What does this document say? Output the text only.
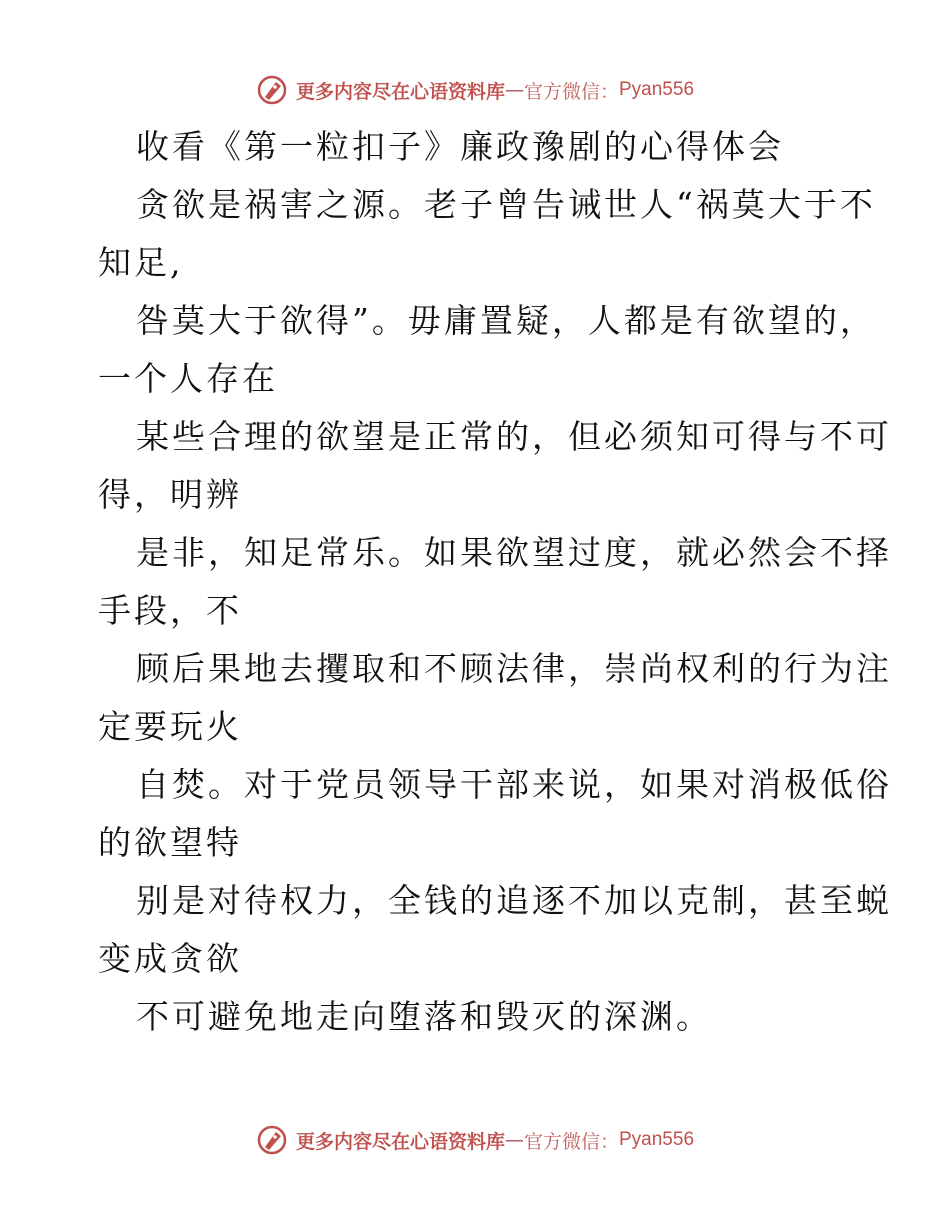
更多内容尽在心语资料库 — 官方微信： Pyan556
收看《第一粒扣子》廉政豫剧的心得体会
贪欲是祸害之源。老子曾告诫世人“祸莫大于不
知足,
咎莫大于欲得”。毋庸置疑，人都是有欲望的，
一个人存在
某些合理的欲望是正常的，但必须知可得与不可
得，明辨
是非，知足常乐。如果欲望过度，就必然会不择
手段，不
顾后果地去攫取和不顾法律，崇尚权利的行为注
定要玩火
自焚。对于党员领导干部来说，如果对消极低俗
的欲望特
别是对待权力，全钱的追逐不加以克制，甚至蜕
变成贪欲
不可避免地走向堕落和毁灭的深渊。
更多内容尽在心语资料库 — 官方微信： Pyan556
